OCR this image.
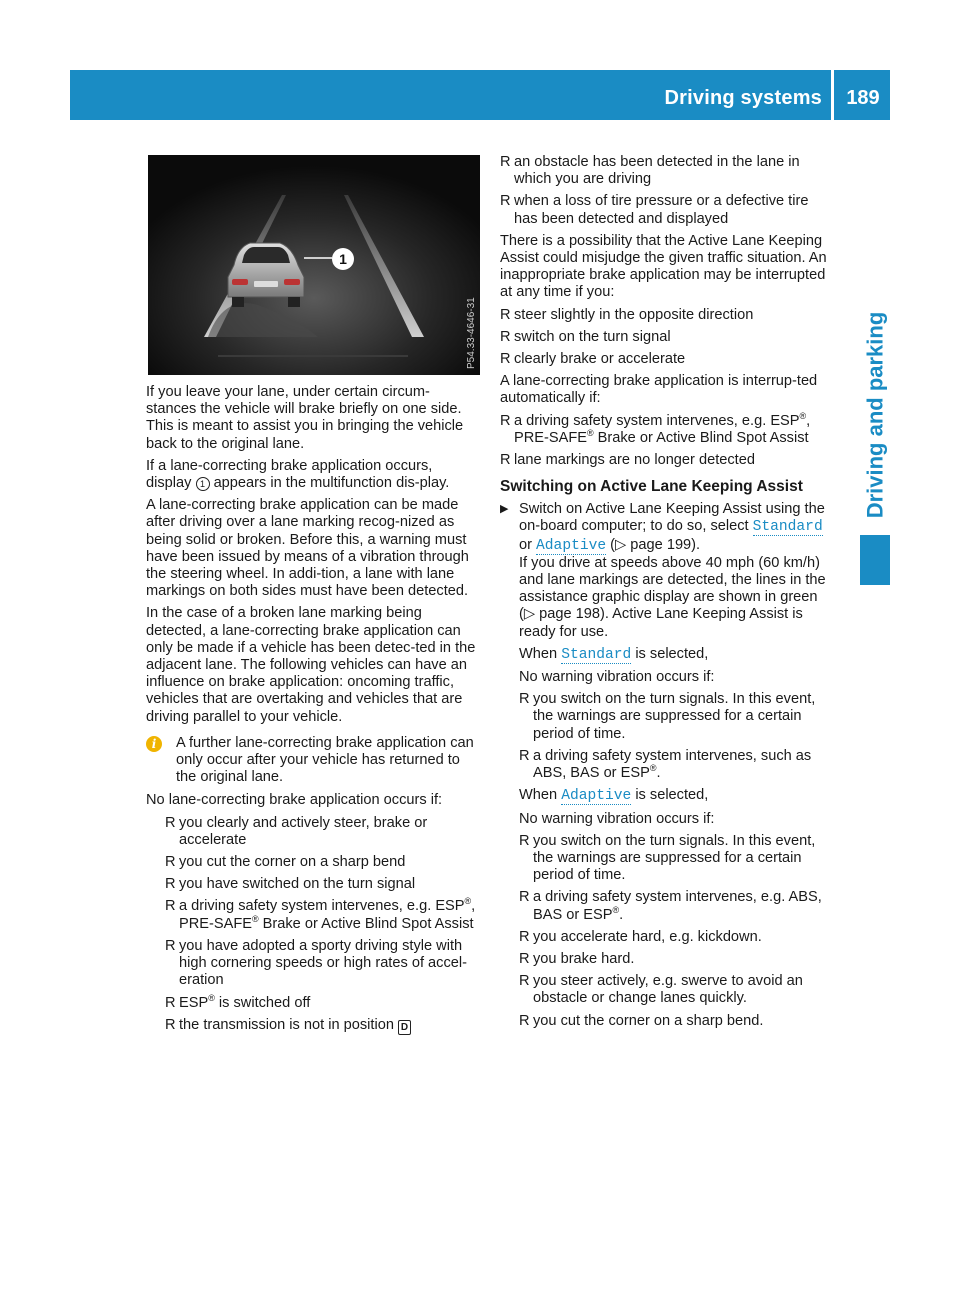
Driving systems	189
Driving and parking
1
P54.33-4646-31

If you leave your lane, under certain circum-stances the vehicle will brake briefly on one side. This is meant to assist you in bringing the vehicle back to the original lane.

If a lane-correcting brake application occurs, display 1 appears in the multifunction dis-play.

A lane-correcting brake application can be made after driving over a lane marking recog-nized as being solid or broken. Before this, a warning must have been issued by means of a vibration through the steering wheel. In addi-tion, a lane with lane markings on both sides must have been detected.

In the case of a broken lane marking being detected, a lane-correcting brake application can only be made if a vehicle has been detec-ted in the adjacent lane. The following vehicles can have an influence on brake application: oncoming traffic, vehicles that are overtaking and vehicles that are driving parallel to your vehicle.

i	A further lane-correcting brake application can only occur after your vehicle has returned to the original lane.

No lane-correcting brake application occurs if:

R you clearly and actively steer, brake or accelerate
R you cut the corner on a sharp bend
R you have switched on the turn signal
R a driving safety system intervenes, e.g. ESP®, PRE-SAFE® Brake or Active Blind Spot Assist
R you have adopted a sporty driving style with high cornering speeds or high rates of accel-eration
R ESP® is switched off
R the transmission is not in position D
R an obstacle has been detected in the lane in which you are driving
R when a loss of tire pressure or a defective tire has been detected and displayed

There is a possibility that the Active Lane Keeping Assist could misjudge the given traffic situation. An inappropriate brake application may be interrupted at any time if you:

R steer slightly in the opposite direction
R switch on the turn signal
R clearly brake or accelerate

A lane-correcting brake application is interrup-ted automatically if:

R a driving safety system intervenes, e.g. ESP®, PRE-SAFE® Brake or Active Blind Spot Assist
R lane markings are no longer detected
Switching on Active Lane Keeping Assist
▶ Switch on Active Lane Keeping Assist using the on-board computer; to do so, select Standard or Adaptive (▷ page 199).

If you drive at speeds above 40 mph (60 km/h) and lane markings are detected, the lines in the assistance graphic display are shown in green (▷ page 198). Active Lane Keeping Assist is ready for use.

When Standard is selected,

No warning vibration occurs if:

R you switch on the turn signals. In this event, the warnings are suppressed for a certain period of time.
R a driving safety system intervenes, such as ABS, BAS or ESP®.

When Adaptive is selected,

No warning vibration occurs if:

R you switch on the turn signals. In this event, the warnings are suppressed for a certain period of time.
R a driving safety system intervenes, e.g. ABS, BAS or ESP®.
R you accelerate hard, e.g. kickdown.
R you brake hard.
R you steer actively, e.g. swerve to avoid an obstacle or change lanes quickly.
R you cut the corner on a sharp bend.
